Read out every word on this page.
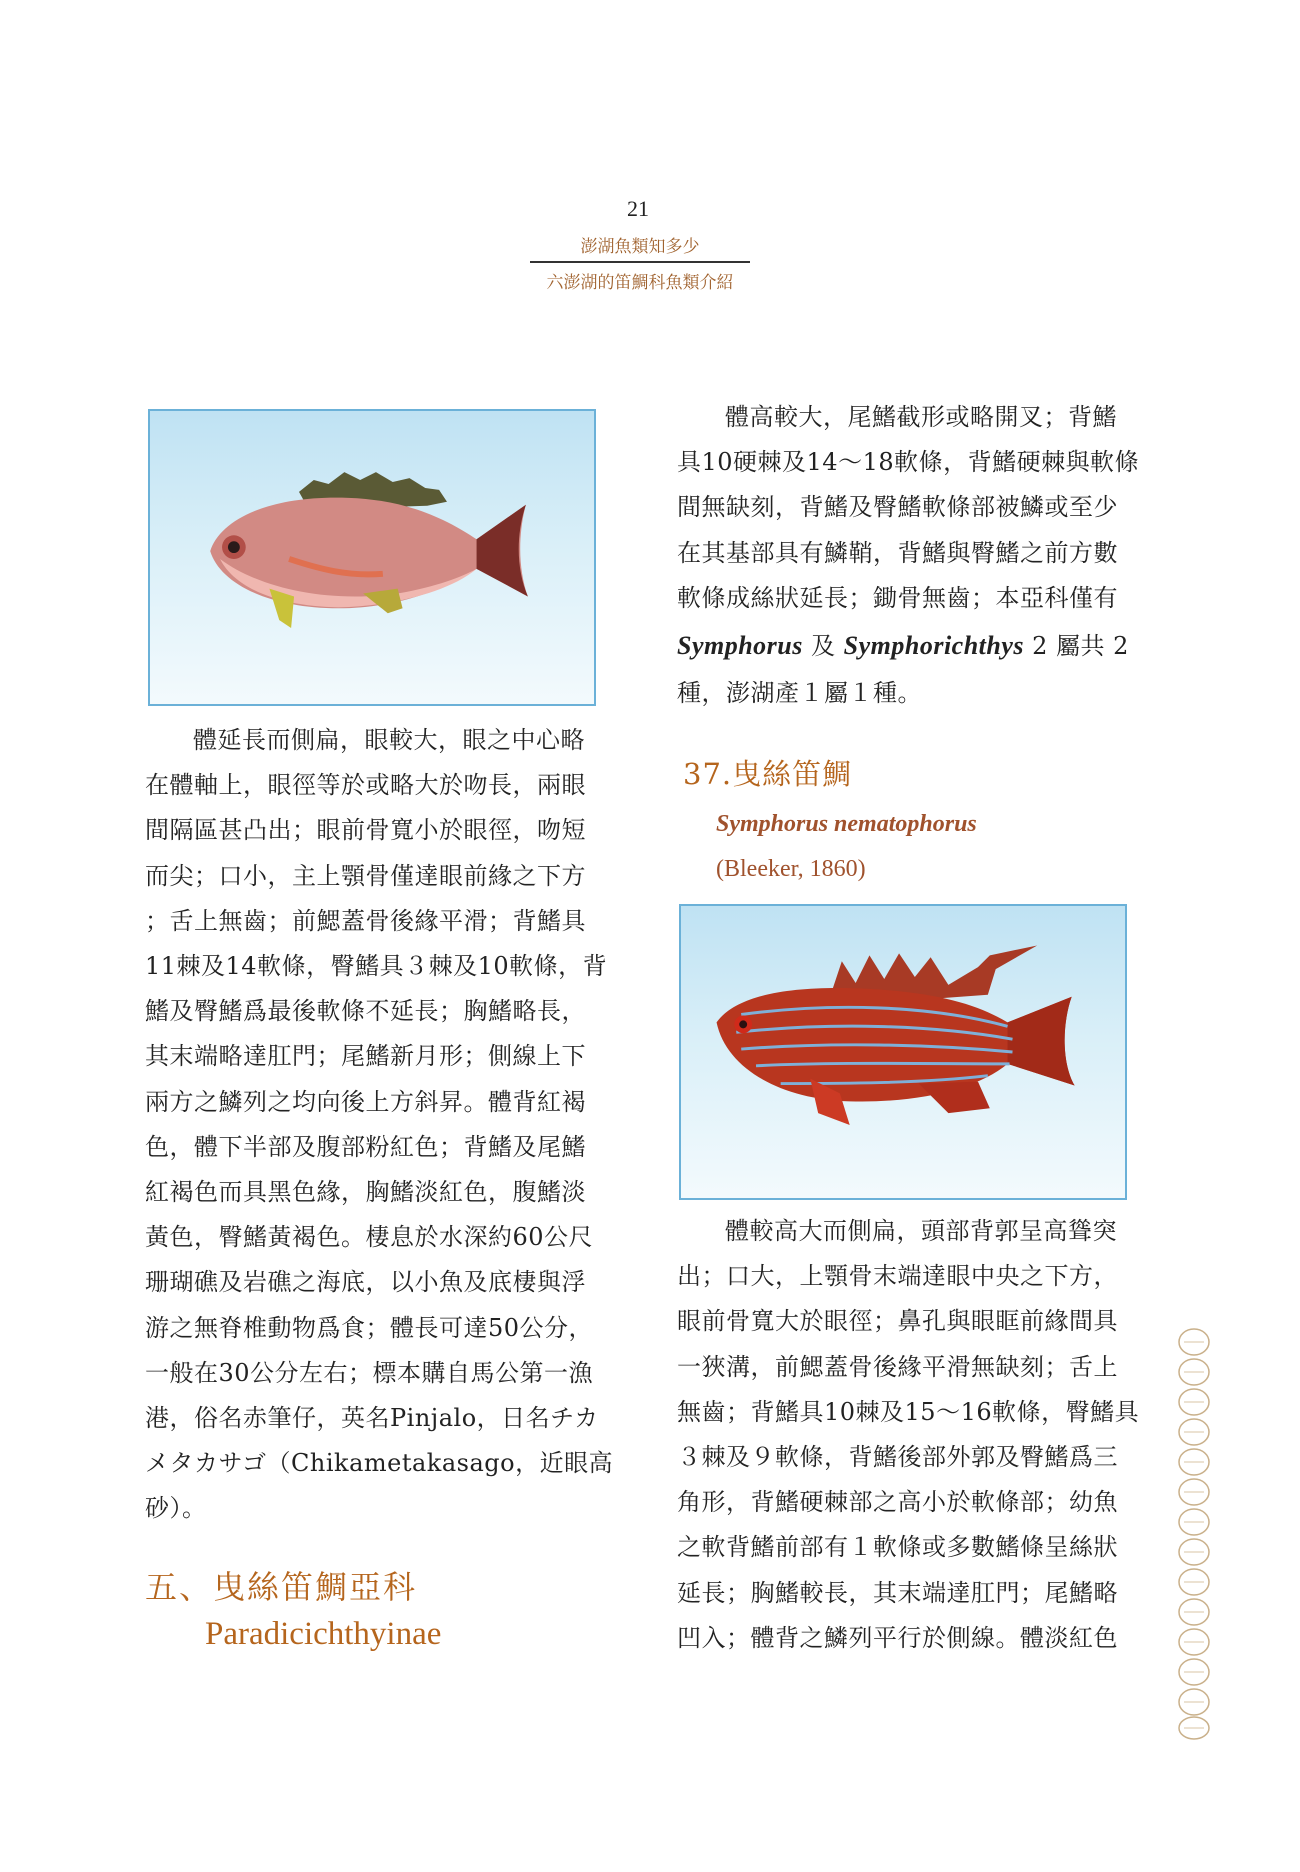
21
澎湖魚類知多少
六澎湖的笛鯛科魚類介紹
體延長而側扁，眼較大，眼之中心略
在體軸上，眼徑等於或略大於吻長，兩眼
間隔區甚凸出；眼前骨寬小於眼徑，吻短
而尖；口小，主上顎骨僅達眼前緣之下方
；舌上無齒；前鰓蓋骨後緣平滑；背鰭具
11棘及14軟條，臀鰭具３棘及10軟條，背
鰭及臀鰭爲最後軟條不延長；胸鰭略長，
其末端略達肛門；尾鰭新月形；側線上下
兩方之鱗列之均向後上方斜昇。體背紅褐
色，體下半部及腹部粉紅色；背鰭及尾鰭
紅褐色而具黑色緣，胸鰭淡紅色，腹鰭淡
黃色，臀鰭黃褐色。棲息於水深約60公尺
珊瑚礁及岩礁之海底，以小魚及底棲與浮
游之無脊椎動物爲食；體長可達50公分，
一般在30公分左右；標本購自馬公第一漁
港，俗名赤筆仔，英名Pinjalo，日名チカ
メタカサゴ（Chikametakasago，近眼高
砂）。
五、曳絲笛鯛亞科
Paradicichthyinae
體高較大，尾鰭截形或略開叉；背鰭
具10硬棘及14～18軟條，背鰭硬棘與軟條
間無缺刻，背鰭及臀鰭軟條部被鱗或至少
在其基部具有鱗鞘，背鰭與臀鰭之前方數
軟條成絲狀延長；鋤骨無齒；本亞科僅有
Symphorus 及 Symphorichthys 2 屬共 2
種，澎湖產１屬１種。
37.曳絲笛鯛
Symphorus nematophorus
(Bleeker, 1860)
體較高大而側扁，頭部背郭呈高聳突
出；口大，上顎骨末端達眼中央之下方，
眼前骨寬大於眼徑；鼻孔與眼眶前緣間具
一狹溝，前鰓蓋骨後緣平滑無缺刻；舌上
無齒；背鰭具10棘及15～16軟條，臀鰭具
３棘及９軟條，背鰭後部外郭及臀鰭爲三
角形，背鰭硬棘部之高小於軟條部；幼魚
之軟背鰭前部有１軟條或多數鰭條呈絲狀
延長；胸鰭較長，其末端達肛門；尾鰭略
凹入；體背之鱗列平行於側線。體淡紅色
